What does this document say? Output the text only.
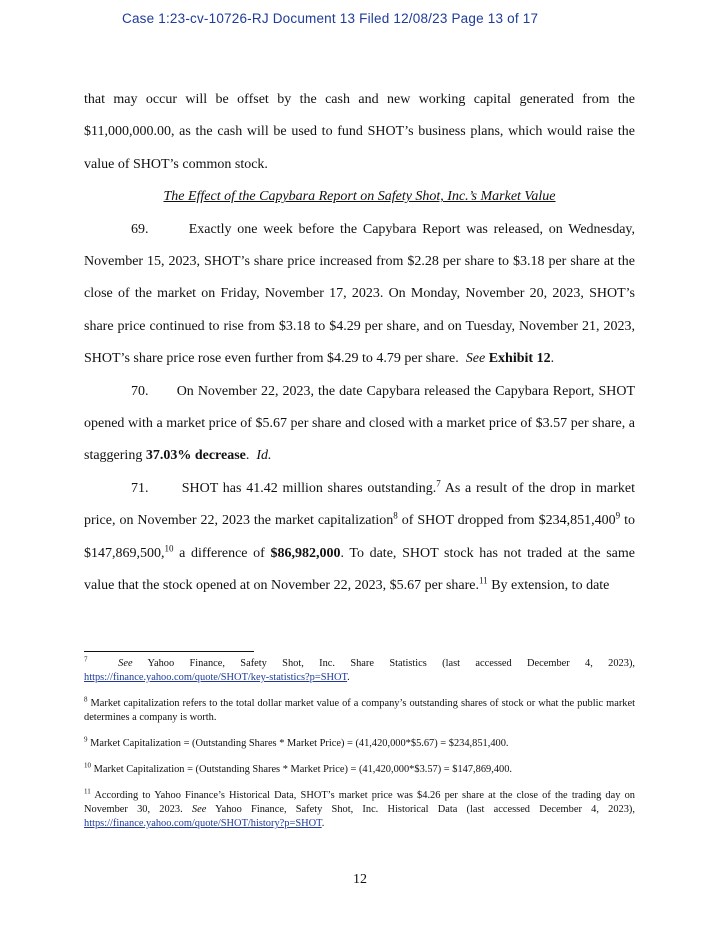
Case 1:23-cv-10726-RJ Document 13 Filed 12/08/23 Page 13 of 17

that may occur will be offset by the cash and new working capital generated from the $11,000,000.00, as the cash will be used to fund SHOT’s business plans, which would raise the value of SHOT’s common stock.

The Effect of the Capybara Report on Safety Shot, Inc.’s Market Value

69.	Exactly one week before the Capybara Report was released, on Wednesday, November 15, 2023, SHOT’s share price increased from $2.28 per share to $3.18 per share at the close of the market on Friday, November 17, 2023. On Monday, November 20, 2023, SHOT’s share price continued to rise from $3.18 to $4.29 per share, and on Tuesday, November 21, 2023, SHOT’s share price rose even further from $4.29 to 4.79 per share. See Exhibit 12.

70. On November 22, 2023, the date Capybara released the Capybara Report, SHOT opened with a market price of $5.67 per share and closed with a market price of $3.57 per share, a staggering 37.03% decrease. Id.

71. SHOT has 41.42 million shares outstanding.$^7$ As a result of the drop in market price, on November 22, 2023 the market capitalization$^8$ of SHOT dropped from $234,851,400$^9$ to $147,869,500,10 a difference of $86,982,000. To date, SHOT stock has not traded at the same value that the stock opened at on November 22, 2023, $5.67 per share.$^{11}$ By extension, to date

$^7$	See Yahoo Finance, Safety Shot, Inc. Share Statistics (last accessed December 4, 2023), https://finance.yahoo.com/quote/SHOT/key-statistics?p=SHOT.

$^8$ Market capitalization refers to the total dollar market value of a company’s outstanding shares of stock or what the public market determines a company is worth.

$^9$ Market Capitalization = (Outstanding Shares * Market Price) = (41,420,000*$5.67) = $234,851,400.

$^{10}$ Market Capitalization = (Outstanding Shares * Market Price) = (41,420,000*$3.57) = $147,869,400.

$^{11}$ According to Yahoo Finance’s Historical Data, SHOT’s market price was $4.26 per share at the close of the trading day on November 30, 2023. See Yahoo Finance, Safety Shot, Inc. Historical Data (last accessed December 4, 2023), https://finance.yahoo.com/quote/SHOT/history?p=SHOT.

12
